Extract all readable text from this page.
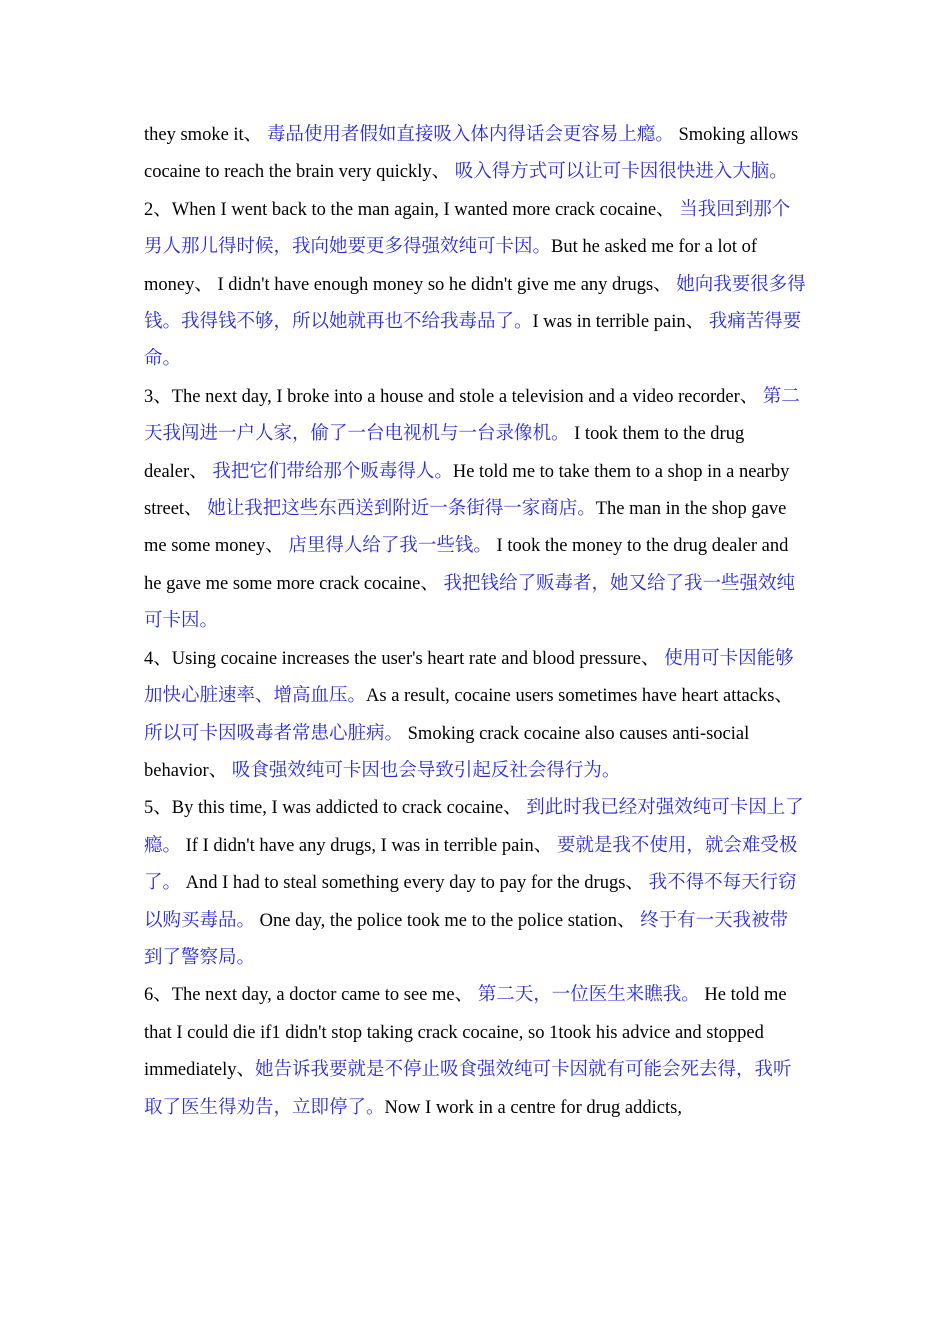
they smoke it、 毒品使用者假如直接吸入体内得话会更容易上瘾。 Smoking allows cocaine to reach the brain very quickly、 吸入得方式可以让可卡因很快进入大脑。

2、When I went back to the man again, I wanted more crack cocaine、 当我回到那个男人那儿得时候，我向她要更多得强效纯可卡因。But he asked me for a lot of money、 I didn't have enough money so he didn't give me any drugs、 她向我要很多得钱。我得钱不够，所以她就再也不给我毒品了。I was in terrible pain、 我痛苦得要命。

3、The next day, I broke into a house and stole a television and a video recorder、 第二天我闯进一户人家，偷了一台电视机与一台录像机。 I took them to the drug dealer、 我把它们带给那个贩毒得人。He told me to take them to a shop in a nearby street、 她让我把这些东西送到附近一条街得一家商店。The man in the shop gave me some money、 店里得人给了我一些钱。 I took the money to the drug dealer and he gave me some more crack cocaine、 我把钱给了贩毒者，她又给了我一些强效纯可卡因。

4、Using cocaine increases the user's heart rate and blood pressure、 使用可卡因能够加快心脏速率、增高血压。As a result, cocaine users sometimes have heart attacks、 所以可卡因吸毒者常患心脏病。 Smoking crack cocaine also causes anti-social behavior、 吸食强效纯可卡因也会导致引起反社会得行为。

5、By this time, I was addicted to crack cocaine、 到此时我已经对强效纯可卡因上了瘾。 If I didn't have any drugs, I was in terrible pain、 要就是我不使用，就会难受极了。 And I had to steal something every day to pay for the drugs、 我不得不每天行窃以购买毒品。 One day, the police took me to the police station、 终于有一天我被带到了警察局。

6、The next day, a doctor came to see me、 第二天，一位医生来瞧我。 He told me that I could die if1 didn't stop taking crack cocaine, so 1took his advice and stopped immediately、她告诉我要就是不停止吸食强效纯可卡因就有可能会死去得，我听取了医生得劝告，立即停了。Now I work in a centre for drug addicts,
